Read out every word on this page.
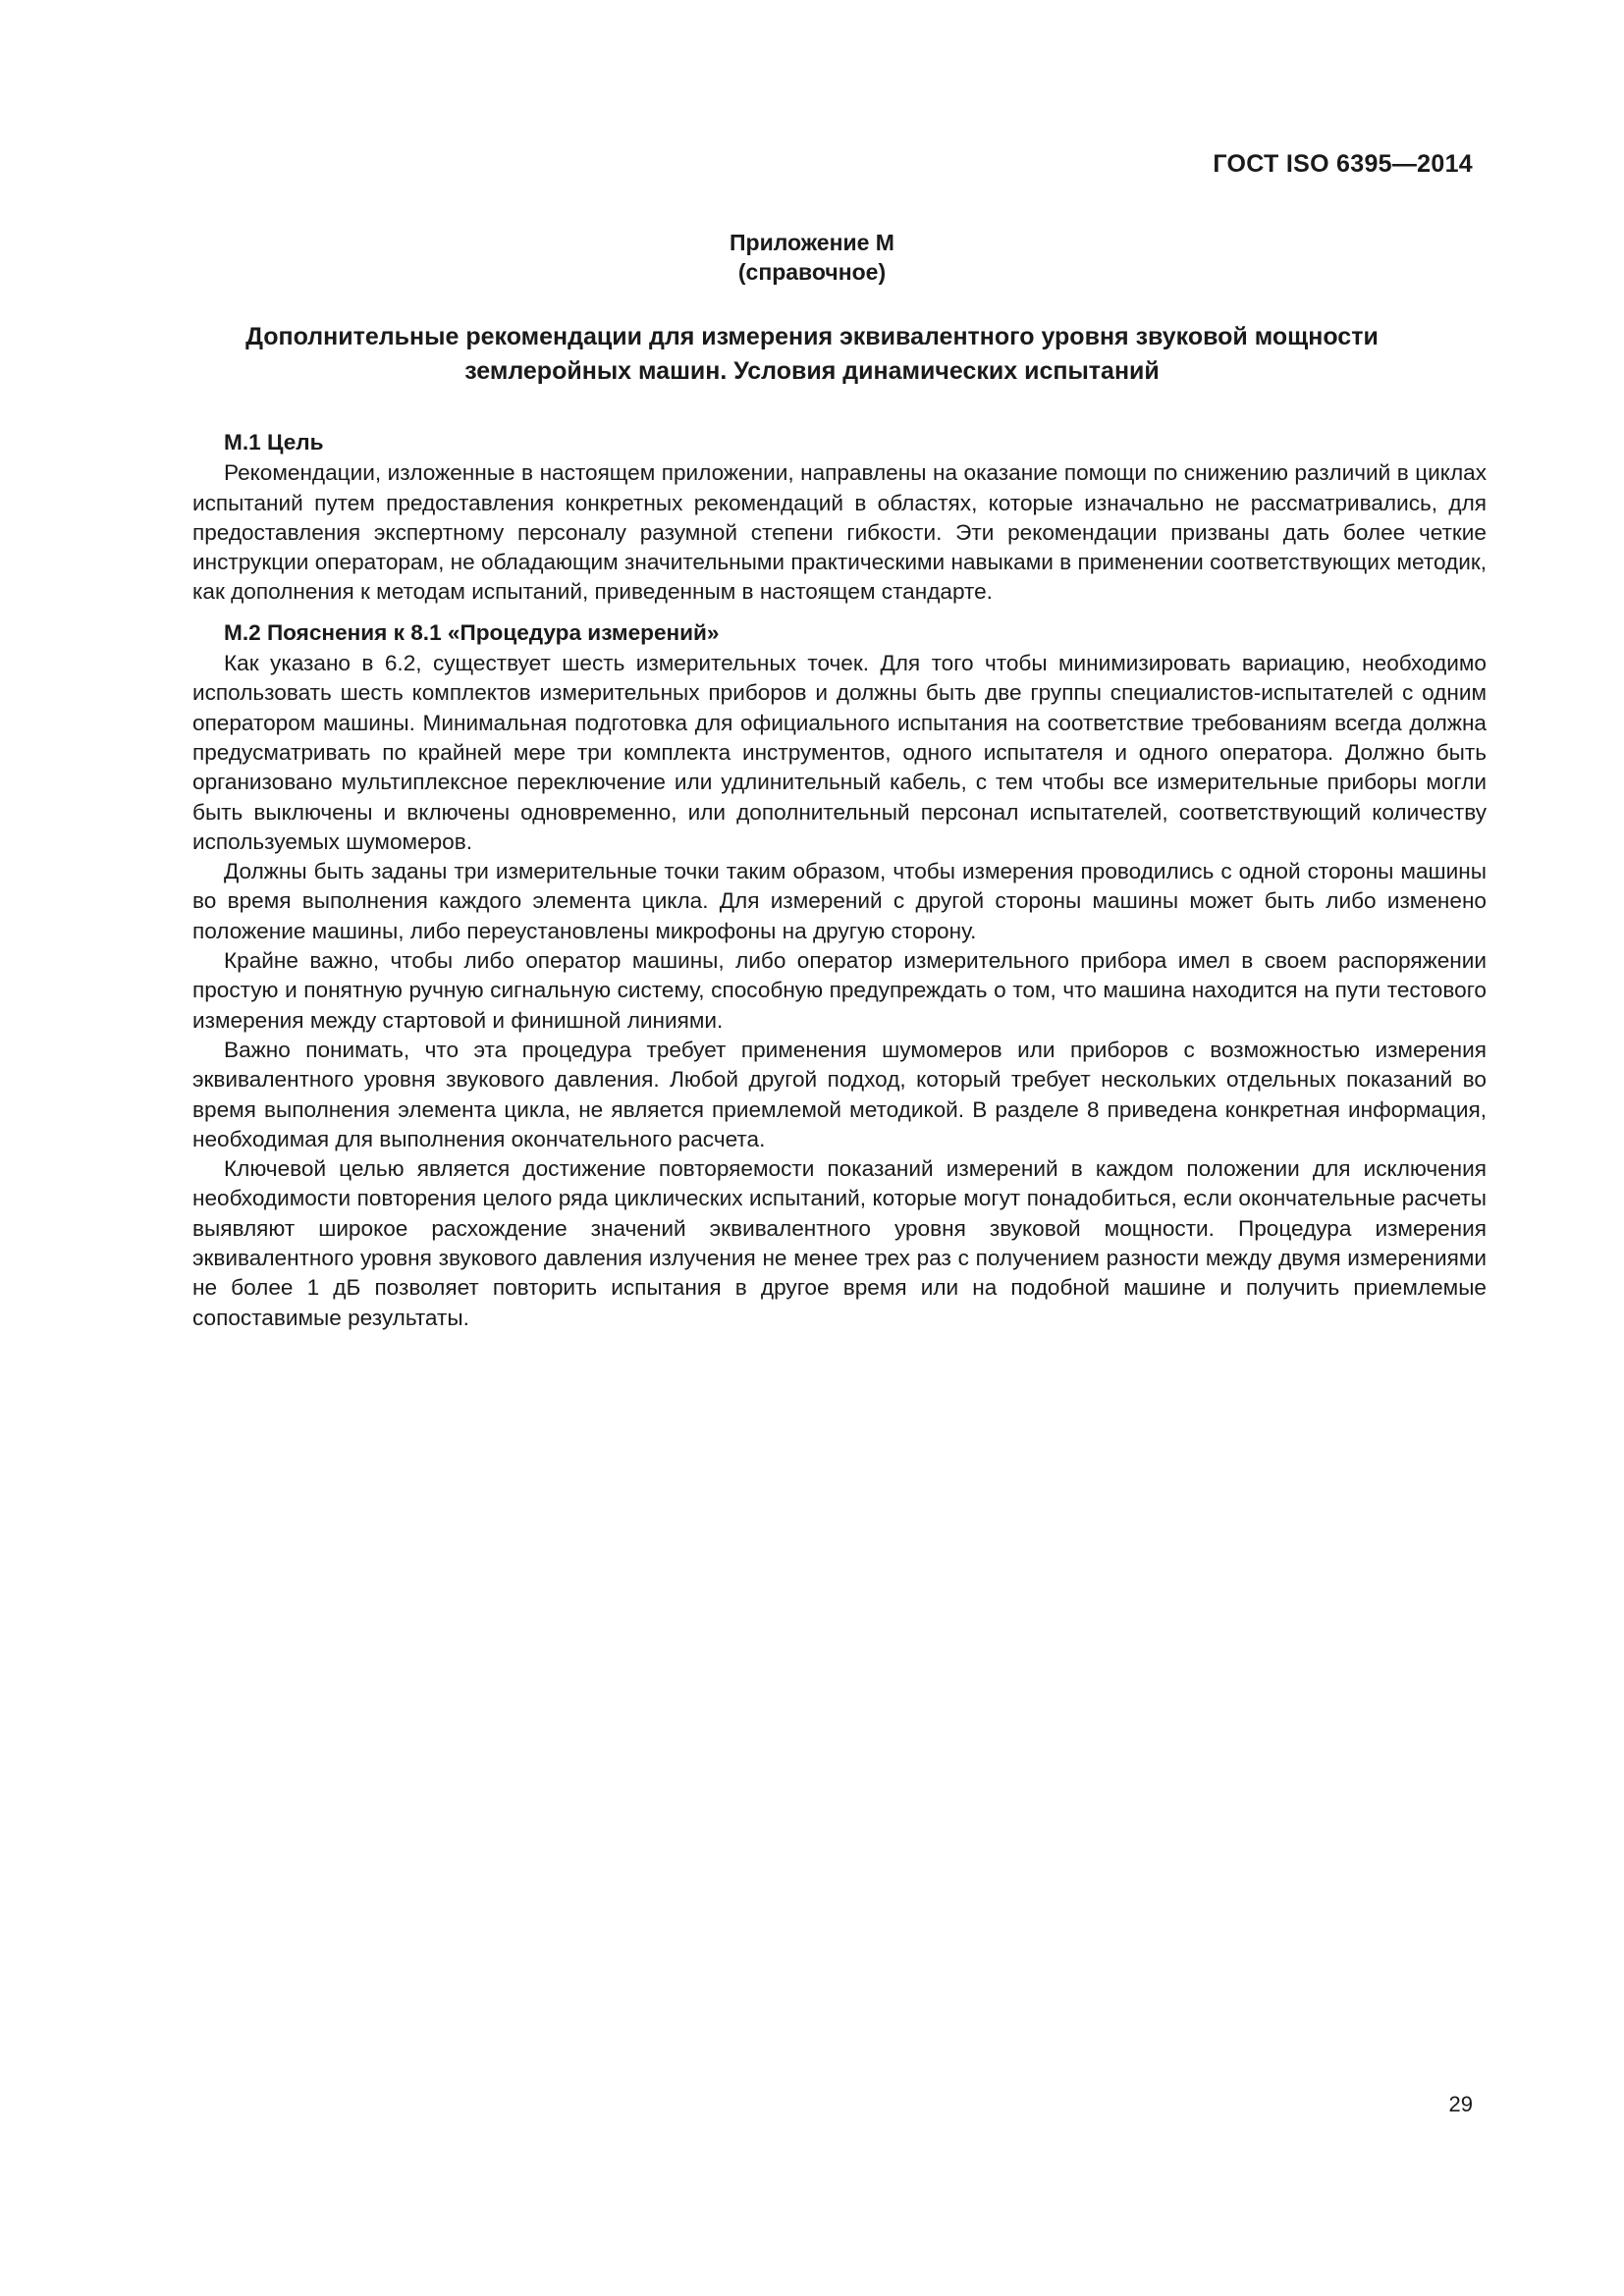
ГОСТ ISO 6395—2014
Приложение М
(справочное)
Дополнительные рекомендации для измерения эквивалентного уровня звуковой мощности
землеройных машин. Условия динамических испытаний
М.1 Цель

Рекомендации, изложенные в настоящем приложении, направлены на оказание помощи по снижению различий в циклах испытаний путем предоставления конкретных рекомендаций в областях, которые изначально не рассматривались, для предоставления экспертному персоналу разумной степени гибкости. Эти рекомендации призваны дать более четкие инструкции операторам, не обладающим значительными практическими навыками в применении соответствующих методик, как дополнения к методам испытаний, приведенным в настоящем стандарте.

М.2 Пояснения к 8.1 «Процедура измерений»

Как указано в 6.2, существует шесть измерительных точек. Для того чтобы минимизировать вариацию, необходимо использовать шесть комплектов измерительных приборов и должны быть две группы специалистов-испытателей с одним оператором машины. Минимальная подготовка для официального испытания на соответствие требованиям всегда должна предусматривать по крайней мере три комплекта инструментов, одного испытателя и одного оператора. Должно быть организовано мультиплексное переключение или удлинительный кабель, с тем чтобы все измерительные приборы могли быть выключены и включены одновременно, или дополнительный персонал испытателей, соответствующий количеству используемых шумомеров.

Должны быть заданы три измерительные точки таким образом, чтобы измерения проводились с одной стороны машины во время выполнения каждого элемента цикла. Для измерений с другой стороны машины может быть либо изменено положение машины, либо переустановлены микрофоны на другую сторону.

Крайне важно, чтобы либо оператор машины, либо оператор измерительного прибора имел в своем распоряжении простую и понятную ручную сигнальную систему, способную предупреждать о том, что машина находится на пути тестового измерения между стартовой и финишной линиями.

Важно понимать, что эта процедура требует применения шумомеров или приборов с возможностью измерения эквивалентного уровня звукового давления. Любой другой подход, который требует нескольких отдельных показаний во время выполнения элемента цикла, не является приемлемой методикой. В разделе 8 приведена конкретная информация, необходимая для выполнения окончательного расчета.

Ключевой целью является достижение повторяемости показаний измерений в каждом положении для исключения необходимости повторения целого ряда циклических испытаний, которые могут понадобиться, если окончательные расчеты выявляют широкое расхождение значений эквивалентного уровня звуковой мощности. Процедура измерения эквивалентного уровня звукового давления излучения не менее трех раз с получением разности между двумя измерениями не более 1 дБ позволяет повторить испытания в другое время или на подобной машине и получить приемлемые сопоставимые результаты.

29
